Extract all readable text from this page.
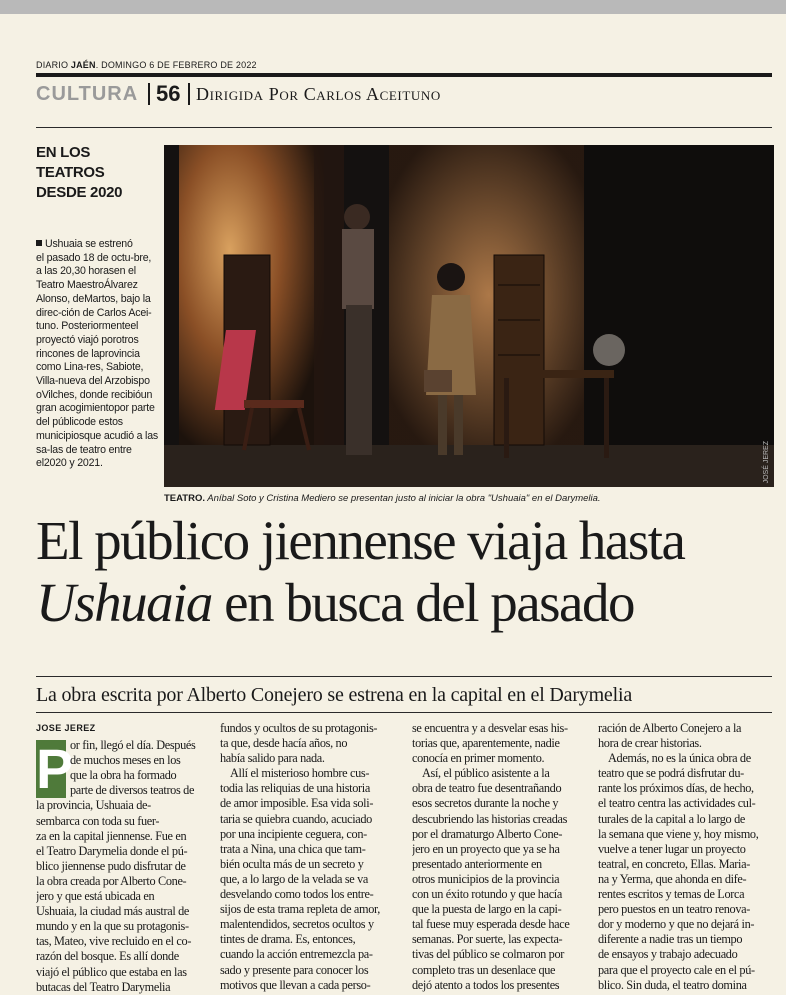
DIARIO JAÉN. DOMINGO 6 DE FEBRERO DE 2022
CULTURA 56 Dirigida Por Carlos Aceituno
EN LOS
TEATROS
DESDE 2020
Ushuaia se estrenó
el pasado 18 de octu-bre, a las 20,30 horasen el Teatro MaestroÁlvarez Alonso, deMartos, bajo la direc-ción de Carlos Acei-tuno. Posteriormenteel proyectó viajó porotros rincones de laprovincia como Lina-res, Sabiote, Villa-nueva del Arzobispo oVilches, donde recibióun gran acogimientopor parte del públicode estos municipiosque acudió a las sa-las de teatro entre el2020 y 2021.	JOSÉ JEREZ
TEATRO. Aníbal Soto y Cristina Mediero se presentan justo al iniciar la obra "Ushuaia" en el Darymelia.
El público jiennense viaja hasta
Ushuaia en busca del pasado
La obra escrita por Alberto Conejero se estrena en la capital en el Darymelia
JOSE JEREZ
P
or fin, llegó el día. Después
de muchos meses en los
que la obra ha formado
parte de diversos teatros de
la provincia, Ushuaia de-
sembarca con toda su fuer-
za en la capital jiennense. Fue en
el Teatro Darymelia donde el pú-
blico jiennense pudo disfrutar de
la obra creada por Alberto Cone-
jero y que está ubicada en
Ushuaia, la ciudad más austral de
mundo y en la que su protagonis-
tas, Mateo, vive recluido en el co-
razón del bosque. Es allí donde
viajó el público que estaba en las
butacas del Teatro Darymelia
fundos y ocultos de su protagonis-
ta que, desde hacía años, no
había salido para nada.
Allí el misterioso hombre cus-
todia las reliquias de una historia
de amor imposible. Esa vida soli-
taria se quiebra cuando, acuciado
por una incipiente ceguera, con-
trata a Nina, una chica que tam-
bién oculta más de un secreto y
que, a lo largo de la velada se va
desvelando como todos los entre-
sijos de esta trama repleta de amor,
malentendidos, secretos ocultos y
tintes de drama. Es, entonces,
cuando la acción entremezcla pa-
sado y presente para conocer los
motivos que llevan a cada perso-
se encuentra y a desvelar esas his-
torias que, aparentemente, nadie
conocía en primer momento.
Así, el público asistente a la
obra de teatro fue desentrañando
esos secretos durante la noche y
descubriendo las historias creadas
por el dramaturgo Alberto Cone-
jero en un proyecto que ya se ha
presentado anteriormente en
otros municipios de la provincia
con un éxito rotundo y que hacía
que la puesta de largo en la capi-
tal fuese muy esperada desde hace
semanas. Por suerte, las expecta-
tivas del público se colmaron por
completo tras un desenlace que
dejó atento a todos los presentes
ración de Alberto Conejero a la
hora de crear historias.
Además, no es la única obra de
teatro que se podrá disfrutar du-
rante los próximos días, de hecho,
el teatro centra las actividades cul-
turales de la capital a lo largo de
la semana que viene y, hoy mismo,
vuelve a tener lugar un proyecto
teatral, en concreto, Ellas. Maria-
na y Yerma, que ahonda en dife-
rentes escritos y temas de Lorca
pero puestos en un teatro renova-
dor y moderno y que no dejará in-
diferente a nadie tras un tiempo
de ensayos y trabajo adecuado
para que el proyecto cale en el pú-
blico. Sin duda, el teatro domina
